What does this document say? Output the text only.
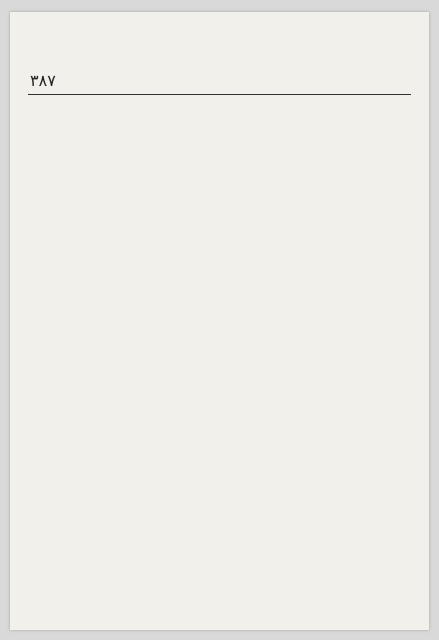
٣٨٧
